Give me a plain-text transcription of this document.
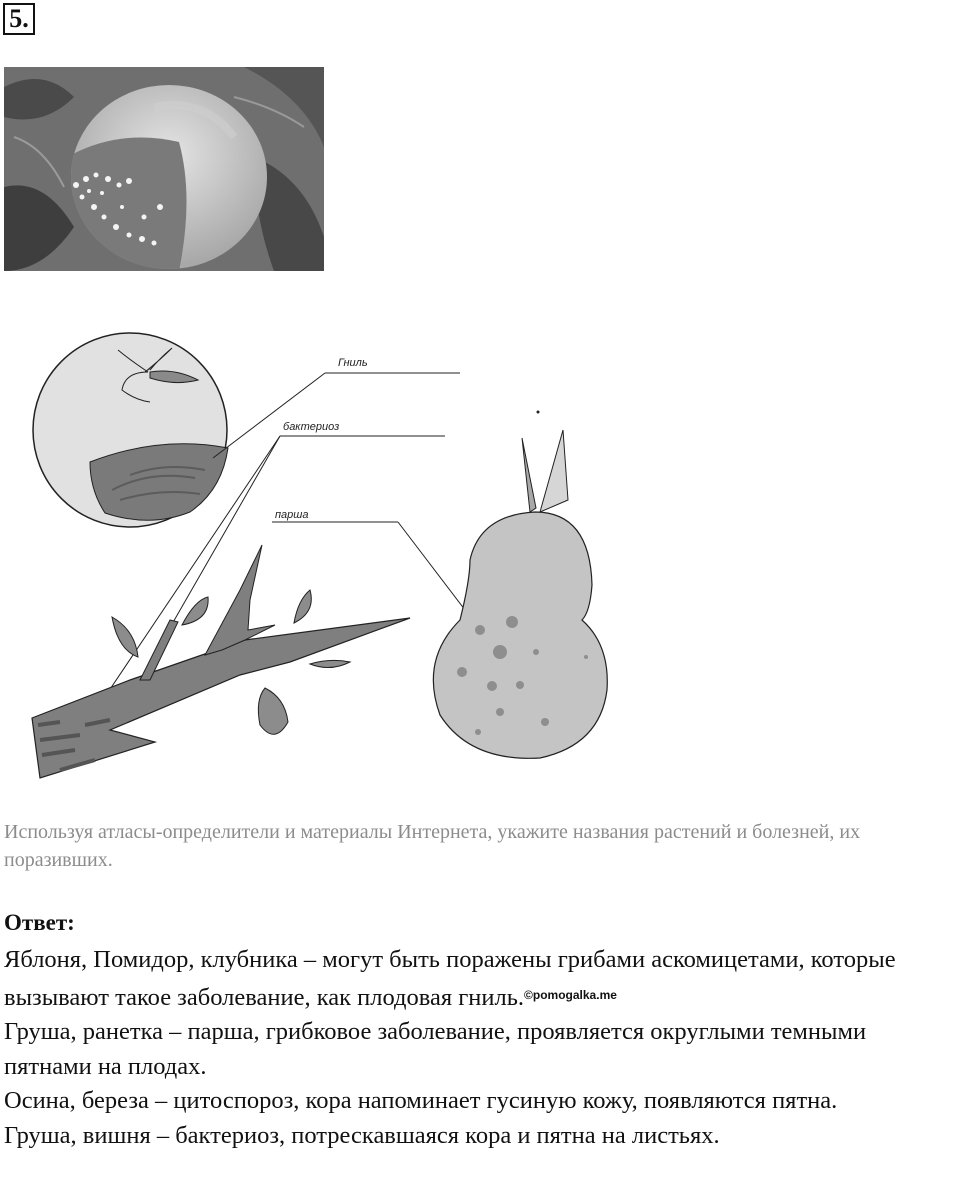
5.
Гниль
бактериоз
парша

Используя атласы-определители и материалы Интернета, укажите названия растений и болезней, их поразивших.

Ответ:

Яблоня, Помидор, клубника – могут быть поражены грибами аскомицетами, которые вызывают такое заболевание, как плодовая гниль.$^{©pomogalka.me}$

Груша, ранетка – парша, грибковое заболевание, проявляется округлыми темными пятнами на плодах.

Осина, береза – цитоспороз, кора напоминает гусиную кожу, появляются пятна.

Груша, вишня – бактериоз, потрескавшаяся кора и пятна на листьях.
